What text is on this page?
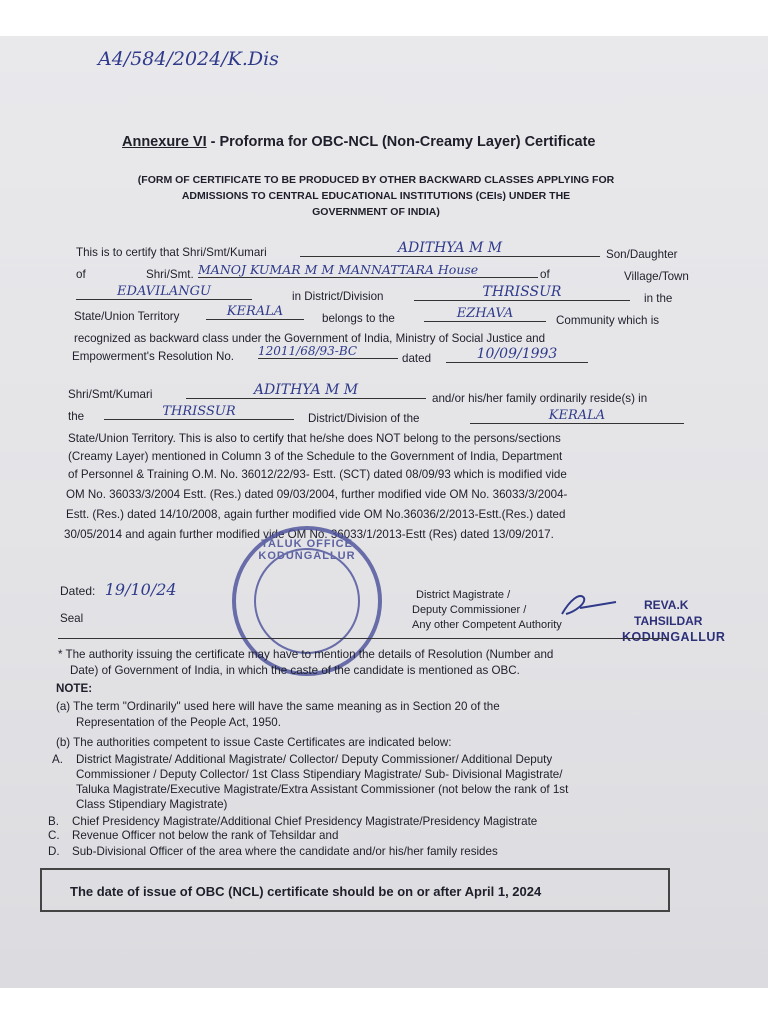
A4/584/2024/K.Dis
Annexure VI - Proforma for OBC-NCL (Non-Creamy Layer) Certificate
(FORM OF CERTIFICATE TO BE PRODUCED BY OTHER BACKWARD CLASSES APPLYING FOR
ADMISSIONS TO CENTRAL EDUCATIONAL INSTITUTIONS (CEIs) UNDER THE
GOVERNMENT OF INDIA)
This is to certify that Shri/Smt/Kumari	ADITHYA M M	Son/Daughter
of	Shri/Smt. MANOJ KUMAR M M MANNATTARA House	of	Village/Town
EDAVILANGU	in District/Division	THRISSUR	in the
State/Union Territory	KERALA	belongs to the	EZHAVA	Community which is
recognized as backward class under the Government of India, Ministry of Social Justice and
Empowerment's Resolution No. 12011/68/93-BC
dated	10/09/1993
Shri/Smt/Kumari	ADITHYA M M
and/or his/her family ordinarily reside(s) in
the	THRISSUR	District/Division of the	KERALA
State/Union Territory. This is also to certify that he/she does NOT belong to the persons/sections
(Creamy Layer) mentioned in Column 3 of the Schedule to the Government of India, Department
of Personnel & Training O.M. No. 36012/22/93- Estt. (SCT) dated 08/09/93 which is modified vide
OM No. 36033/3/2004 Estt. (Res.) dated 09/03/2004, further modified vide OM No. 36033/3/2004-
Estt. (Res.) dated 14/10/2008, again further modified vide OM No.36036/2/2013-Estt.(Res.) dated
30/05/2014 and again further modified vide OM No. 36033/1/2013-Estt (Res) dated 13/09/2017.
TALUK OFFICE KODUNGALLUR
Dated: 19/10/24
Seal
District Magistrate /
Deputy Commissioner /
Any other Competent Authority
REVA.K
TAHSILDAR
KODUNGALLUR
* The authority issuing the certificate may have to mention the details of Resolution (Number and
Date) of Government of India, in which the caste of the candidate is mentioned as OBC.
NOTE:
(a) The term "Ordinarily" used here will have the same meaning as in Section 20 of the
Representation of the People Act, 1950.
(b) The authorities competent to issue Caste Certificates are indicated below:
A. District Magistrate/ Additional Magistrate/ Collector/ Deputy Commissioner/ Additional Deputy
Commissioner / Deputy Collector/ 1st Class Stipendiary Magistrate/ Sub- Divisional Magistrate/
Taluka Magistrate/Executive Magistrate/Extra Assistant Commissioner (not below the rank of 1st
Class Stipendiary Magistrate)
B. Chief Presidency Magistrate/Additional Chief Presidency Magistrate/Presidency Magistrate
C. Revenue Officer not below the rank of Tehsildar and
D. Sub-Divisional Officer of the area where the candidate and/or his/her family resides
The date of issue of OBC (NCL) certificate should be on or after April 1, 2024
